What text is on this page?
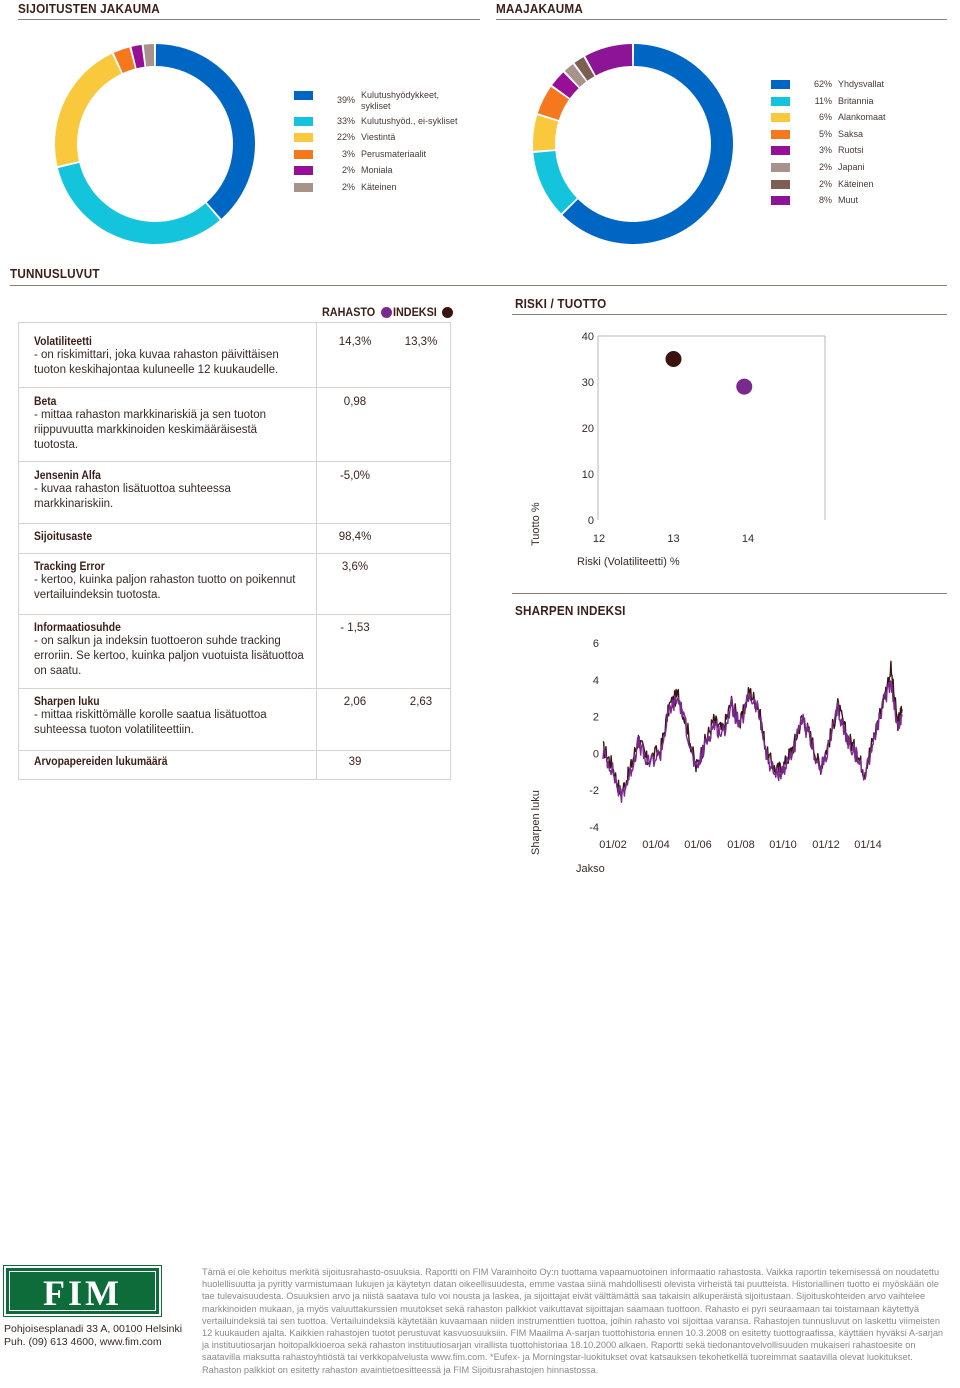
SIJOITUSTEN JAKAUMA	MAAJAKAUMA
39% Kulutushyödykkeet, sykliset
33% Kulutushyöd., ei-sykliset
22% Viestintä
3% Perusmateriaalit
2% Moniala
2% Käteinen
62% Yhdysvallat
11% Britannia
6% Alankomaat
5% Saksa
3% Ruotsi
2% Japani
2% Käteinen
8% Muut
TUNNUSLUVUT
RAHASTO INDEKSI
Volatiliteetti
- on riskimittari, joka kuvaa rahaston päivittäisen tuoton keskihajontaa kuluneelle 12 kuukaudelle.
14,3%	13,3%
Beta
- mittaa rahaston markkinariskiä ja sen tuoton riippuvuutta markkinoiden keskimääräisestä tuotosta.
0,98
Jensenin Alfa
- kuvaa rahaston lisätuottoa suhteessa markkinariskiin.
-5,0%
Sijoitusaste	98,4%
Tracking Error
- kertoo, kuinka paljon rahaston tuotto on poikennut vertailuindeksin tuotosta.
3,6%
Informaatiosuhde
- on salkun ja indeksin tuottoeron suhde tracking erroriin. Se kertoo, kuinka paljon vuotuista lisätuottoa on saatu.
- 1,53
Sharpen luku
- mittaa riskittömälle korolle saatua lisätuottoa suhteessa tuoton volatiliteettiin.
2,06	2,63
Arvopapereiden lukumäärä	39
RISKI / TUOTTO
0
10
20
30
40
12	13	14
Tuotto %
Riski (Volatiliteetti) %
SHARPEN INDEKSI
-4
-2
0
2
4
6
01/02 01/04 01/06 01/08 01/10 01/12 01/14
Sharpen luku
Jakso
FIM
Pohjoisesplanadi 33 A, 00100 Helsinki
Puh. (09) 613 4600, www.fim.com
Tämä ei ole kehoitus merkitä sijoitusrahasto-osuuksia. Raportti on FIM Varainhoito Oy:n tuottama vapaamuotoinen informaatio rahastosta. Vaikka raportin tekemisessä on noudatettu huolellisuutta ja pyritty varmistumaan lukujen ja käytetyn datan oikeellisuudesta, emme vastaa siinä mahdollisesti olevista virheistä tai puutteista. Historiallinen tuotto ei myöskään ole tae tulevaisuudesta. Osuuksien arvo ja niistä saatava tulo voi nousta ja laskea, ja sijoittajat eivät välttämättä saa takaisin alkuperäistä sijoitustaan. Sijoituskohteiden arvo vaihtelee markkinoiden mukaan, ja myös valuuttakurssien muutokset sekä rahaston palkkiot vaikuttavat sijoittajan saamaan tuottoon. Rahasto ei pyri seuraamaan tai toistamaan käytettyä vertailuindeksiä tai sen tuottoa. Vertailuindeksiä käytetään kuvaamaan niiden instrumenttien tuottoa, joihin rahasto voi sijoittaa varansa. Rahastojen tunnusluvut on laskettu viimeisten 12 kuukauden ajalta. Kaikkien rahastojen tuotot perustuvat kasvuosuuksiin. FIM Maailma A-sarjan tuottohistoria ennen 10.3.2008 on esitetty tuottograafissa, käyttäen hyväksi A-sarjan ja instituutiosarjan hoitopalkkioeroa sekä rahaston instituutiosarjan virallista tuottohistoriaa 18.10.2000 alkaen. Raportti sekä tiedonantovelvollisuuden mukaiseri rahastoesite on saatavilla maksutta rahastoyhtiöstä tai verkkopalvelusta www.fim.com. *Eufex- ja Morningstar-luokitukset ovat katsauksen tekohetkellä tuoreimmat saatavilla olevat luokitukset. Rahaston palkkiot on esitetty rahaston avaintietoesitteessä ja FIM Sijoitusrahastojen hinnastossa.
